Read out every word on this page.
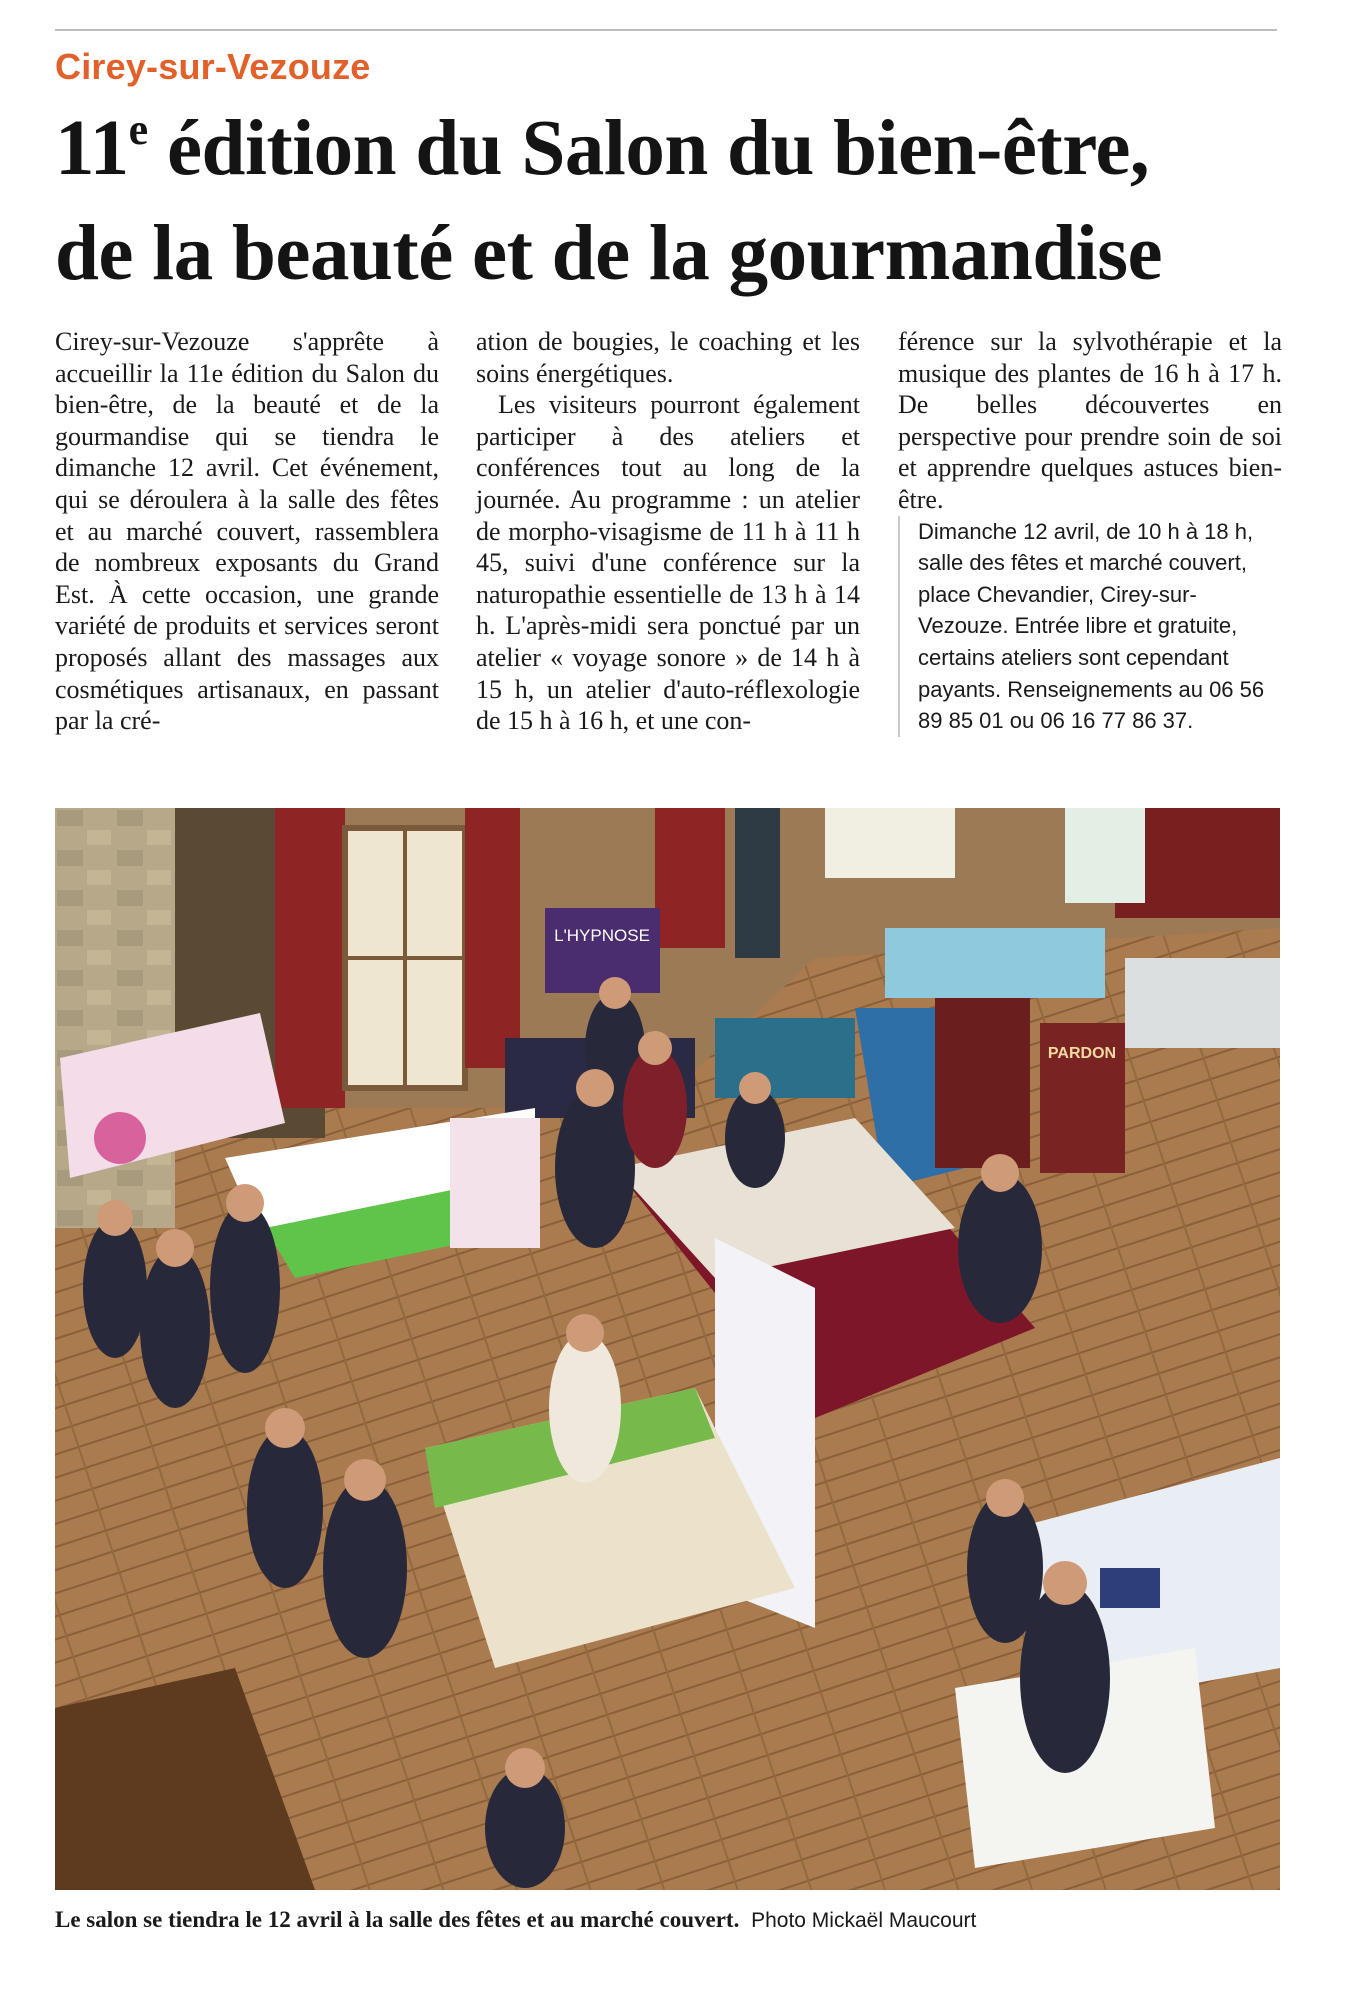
Cirey-sur-Vezouze
11e édition du Salon du bien-être,
de la beauté et de la gourmandise

Cirey-sur-Vezouze s'apprête à accueillir la 11e édition du Salon du bien-être, de la beauté et de la gourmandise qui se tiendra le dimanche 12 avril. Cet événement, qui se déroulera à la salle des fêtes et au marché couvert, rassemblera de nombreux exposants du Grand Est. À cette occasion, une grande variété de produits et services seront proposés allant des massages aux cosmétiques artisanaux, en passant par la cré-

ation de bougies, le coaching et les soins énergétiques.

Les visiteurs pourront également participer à des ateliers et conférences tout au long de la journée. Au programme : un atelier de morpho-visagisme de 11 h à 11 h 45, suivi d'une conférence sur la naturopathie essentielle de 13 h à 14 h. L'après-midi sera ponctué par un atelier « voyage sonore » de 14 h à 15 h, un atelier d'auto-réflexologie de 15 h à 16 h, et une con-

férence sur la sylvothérapie et la musique des plantes de 16 h à 17 h. De belles découvertes en perspective pour prendre soin de soi et apprendre quelques astuces bien-être.

Dimanche 12 avril, de 10 h à 18 h, salle des fêtes et marché couvert, place Chevandier, Cirey-sur-Vezouze. Entrée libre et gratuite, certains ateliers sont cependant payants. Renseignements au 06 56 89 85 01 ou 06 16 77 86 37.

L'HYPNOSE
PARDON
Le salon se tiendra le 12 avril à la salle des fêtes et au marché couvert. Photo Mickaël Maucourt
